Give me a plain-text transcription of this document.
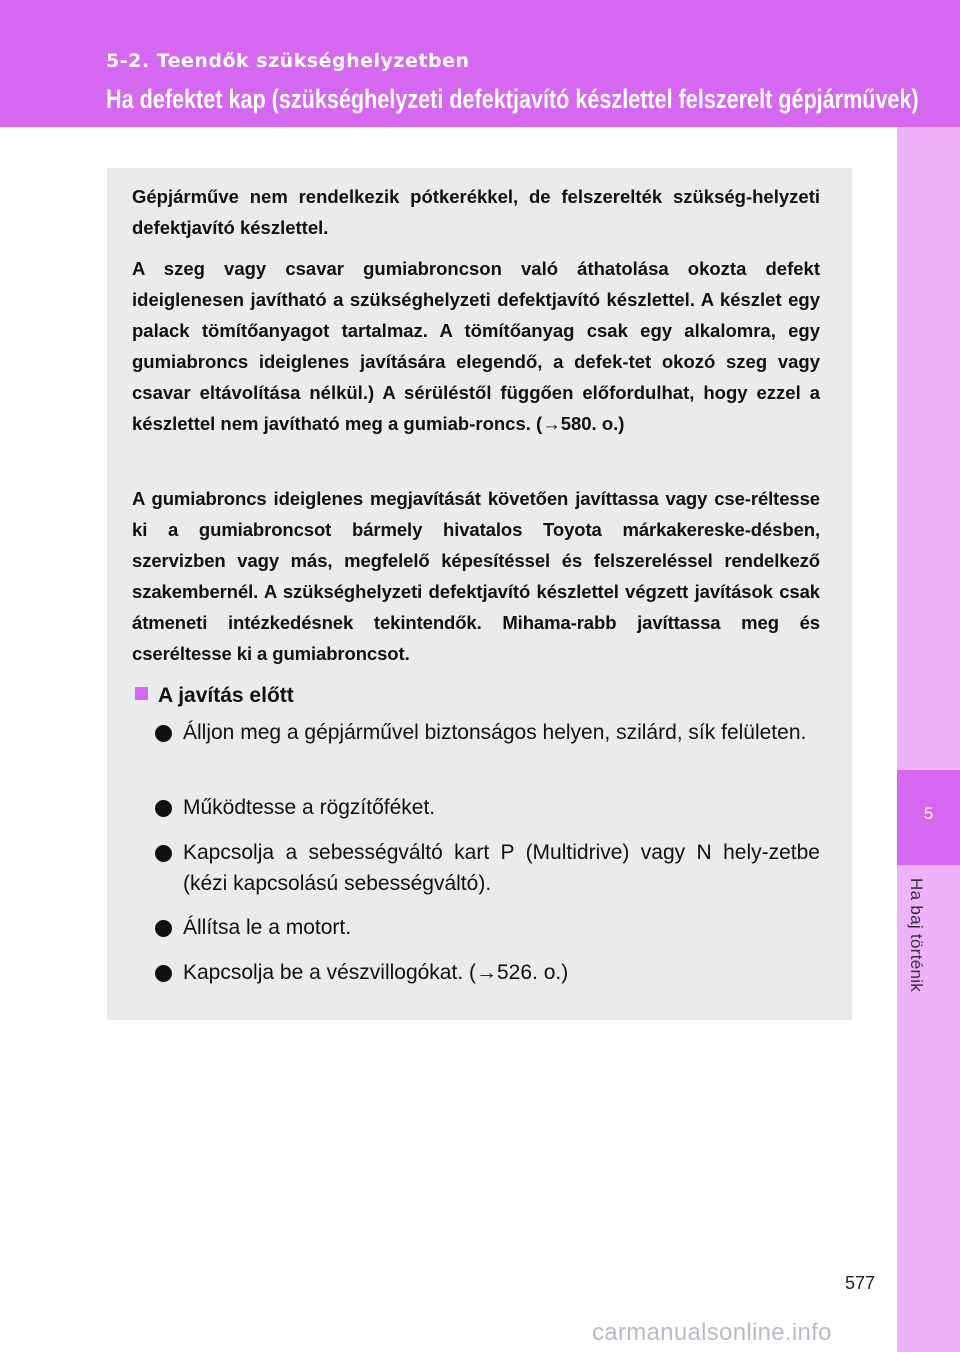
5-2. Teendők szükséghelyzetben
Ha defektet kap (szükséghelyzeti defektjavító készlettel felszerelt gépjárművek)
5
Ha baj történik

Gépjárműve nem rendelkezik pótkerékkel, de felszerelték szükség-helyzeti defektjavító készlettel.

A szeg vagy csavar gumiabroncson való áthatolása okozta defekt ideiglenesen javítható a szükséghelyzeti defektjavító készlettel. A készlet egy palack tömítőanyagot tartalmaz. A tömítőanyag csak egy alkalomra, egy gumiabroncs ideiglenes javítására elegendő, a defek-tet okozó szeg vagy csavar eltávolítása nélkül.) A sérüléstől függően előfordulhat, hogy ezzel a készlettel nem javítható meg a gumiab-roncs. (→580. o.)

A gumiabroncs ideiglenes megjavítását követően javíttassa vagy cse-réltesse ki a gumiabroncsot bármely hivatalos Toyota márkakereske-désben, szervizben vagy más, megfelelő képesítéssel és felszereléssel rendelkező szakembernél. A szükséghelyzeti defektjavító készlettel végzett javítások csak átmeneti intézkedésnek tekintendők. Mihama-rabb javíttassa meg és cseréltesse ki a gumiabroncsot.

A javítás előtt
Álljon meg a gépjárművel biztonságos helyen, szilárd, sík felületen.
Működtesse a rögzítőféket.
Kapcsolja a sebességváltó kart P (Multidrive) vagy N hely-zetbe (kézi kapcsolású sebességváltó).
Állítsa le a motort.
Kapcsolja be a vészvillogókat. (→526. o.)
577
carmanualsonline.info
